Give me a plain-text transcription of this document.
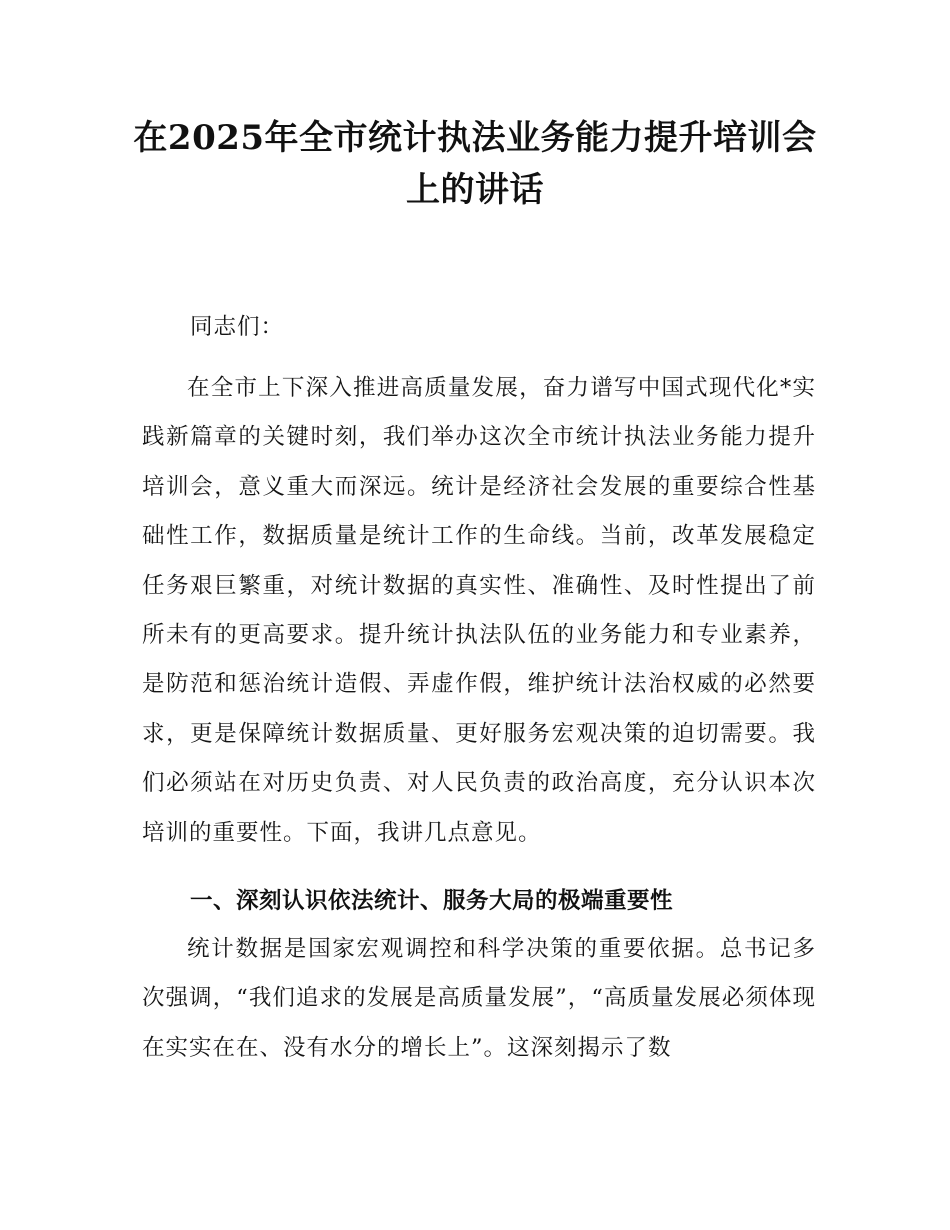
在2025年全市统计执法业务能力提升培训会上的讲话

同志们：

在全市上下深入推进高质量发展，奋力谱写中国式现代化*实践新篇章的关键时刻，我们举办这次全市统计执法业务能力提升培训会，意义重大而深远。统计是经济社会发展的重要综合性基础性工作，数据质量是统计工作的生命线。当前，改革发展稳定任务艰巨繁重，对统计数据的真实性、准确性、及时性提出了前所未有的更高要求。提升统计执法队伍的业务能力和专业素养，是防范和惩治统计造假、弄虚作假，维护统计法治权威的必然要求，更是保障统计数据质量、更好服务宏观决策的迫切需要。我们必须站在对历史负责、对人民负责的政治高度，充分认识本次培训的重要性。下面，我讲几点意见。

一、深刻认识依法统计、服务大局的极端重要性

统计数据是国家宏观调控和科学决策的重要依据。总书记多次强调，“我们追求的发展是高质量发展”，“高质量发展必须体现在实实在在、没有水分的增长上”。这深刻揭示了数
